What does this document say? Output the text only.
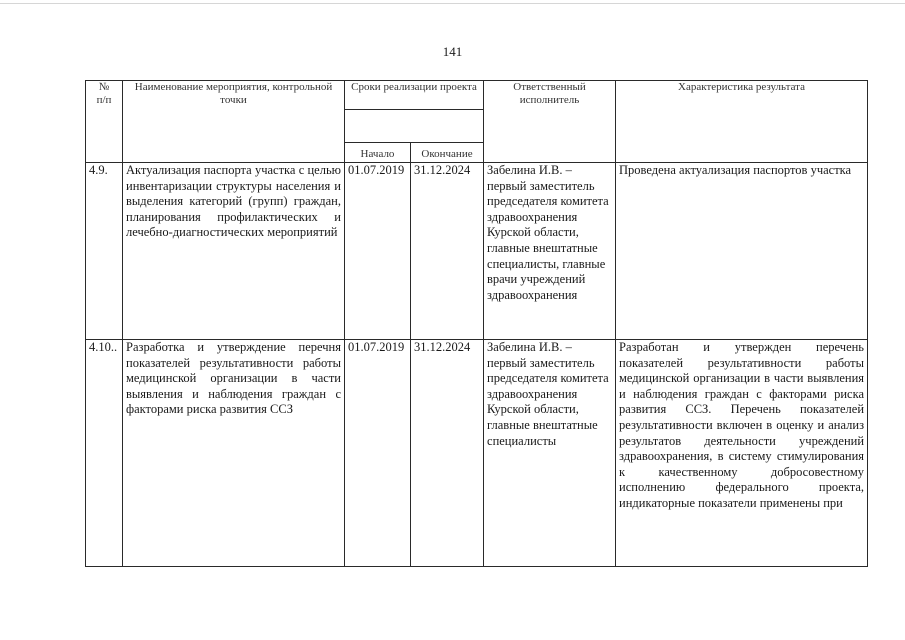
141
№
п/п	Наименование мероприятия, контрольной точки	Сроки реализации проекта		Ответственный исполнитель	Характеристика результата

		Начало	Окончание		
4.9.	Актуализация паспорта участка с целью инвентаризации структуры населения и выделения категорий (групп) граждан, планирования профилактических и лечебно-диагностических мероприятий	01.07.2019	31.12.2024	Забелина И.В. – первый заместитель председателя комитета здравоохранения Курской области, главные внештатные специалисты, главные врачи учреждений здравоохранения	Проведена актуализация паспортов участка
4.10..	Разработка и утверждение перечня показателей результативности работы медицинской организации в части выявления и наблюдения граждан с факторами риска развития ССЗ	01.07.2019	31.12.2024	Забелина И.В. – первый заместитель председателя комитета здравоохранения Курской области, главные внештатные специалисты	Разработан и утвержден перечень показателей результативности работы медицинской организации в части выявления и наблюдения граждан с факторами риска развития ССЗ. Перечень показателей результативности включен в оценку и анализ результатов деятельности учреждений здравоохранения, в систему стимулирования к качественному добросовестному исполнению федерального проекта, индикаторные показатели применены при
